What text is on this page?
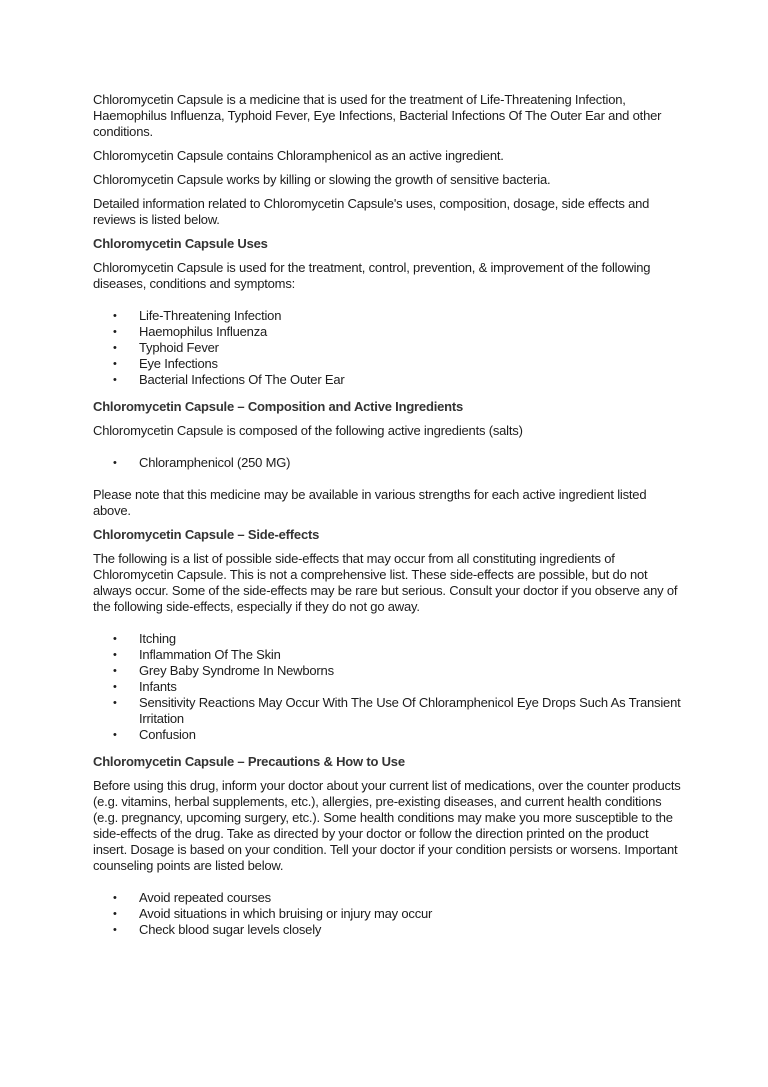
Chloromycetin Capsule is a medicine that is used for the treatment of Life-Threatening Infection, Haemophilus Influenza, Typhoid Fever, Eye Infections, Bacterial Infections Of The Outer Ear and other conditions.

Chloromycetin Capsule contains Chloramphenicol as an active ingredient.

Chloromycetin Capsule works by killing or slowing the growth of sensitive bacteria.

Detailed information related to Chloromycetin Capsule's uses, composition, dosage, side effects and reviews is listed below.

Chloromycetin Capsule Uses

Chloromycetin Capsule is used for the treatment, control, prevention, & improvement of the following diseases, conditions and symptoms:

•	Life-Threatening Infection
•	Haemophilus Influenza
•	Typhoid Fever
•	Eye Infections
•	Bacterial Infections Of The Outer Ear
Chloromycetin Capsule – Composition and Active Ingredients

Chloromycetin Capsule is composed of the following active ingredients (salts)

•	Chloramphenicol (250 MG)

Please note that this medicine may be available in various strengths for each active ingredient listed above.

Chloromycetin Capsule – Side-effects

The following is a list of possible side-effects that may occur from all constituting ingredients of Chloromycetin Capsule. This is not a comprehensive list. These side-effects are possible, but do not always occur. Some of the side-effects may be rare but serious. Consult your doctor if you observe any of the following side-effects, especially if they do not go away.

•	Itching
•	Inflammation Of The Skin
•	Grey Baby Syndrome In Newborns
•	Infants
•	Sensitivity Reactions May Occur With The Use Of Chloramphenicol Eye Drops Such As Transient Irritation
•	Confusion
Chloromycetin Capsule – Precautions & How to Use

Before using this drug, inform your doctor about your current list of medications, over the counter products (e.g. vitamins, herbal supplements, etc.), allergies, pre-existing diseases, and current health conditions (e.g. pregnancy, upcoming surgery, etc.). Some health conditions may make you more susceptible to the side-effects of the drug. Take as directed by your doctor or follow the direction printed on the product insert. Dosage is based on your condition. Tell your doctor if your condition persists or worsens. Important counseling points are listed below.

•	Avoid repeated courses
•	Avoid situations in which bruising or injury may occur
•	Check blood sugar levels closely
